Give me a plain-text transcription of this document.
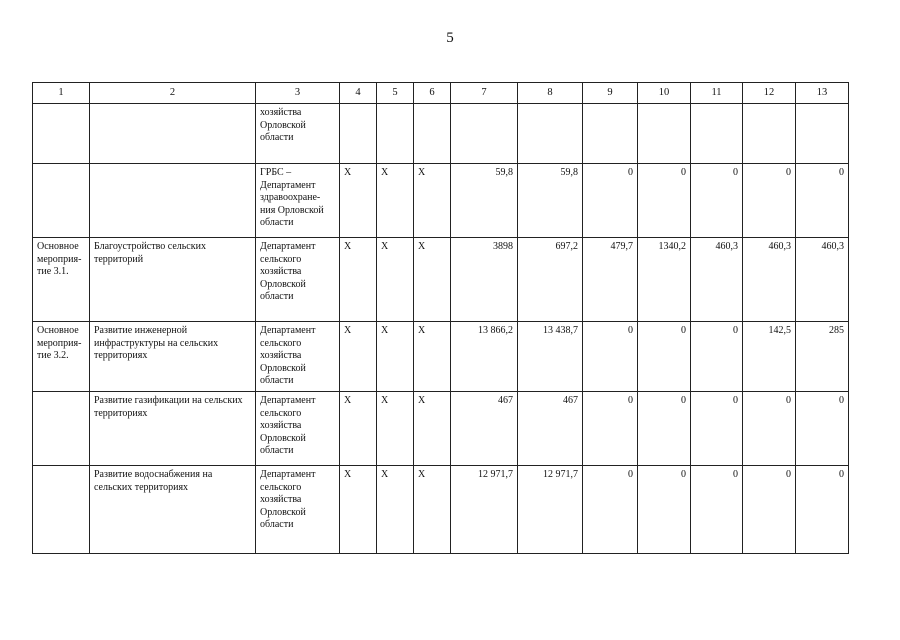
5
1	2	3	4	5	6	7	8	9	10	11	12	13
		хозяйства
Орловской
области										
		ГРБС –
Департамент
здравоохране-
ния Орловской
области	Х	Х	Х	59,8	59,8	0	0	0	0	0
Основное
мероприя-
тие 3.1.	Благоустройство сельских
территорий	Департамент
сельского
хозяйства
Орловской
области	Х	Х	Х	3898	697,2	479,7	1340,2	460,3	460,3	460,3
Основное
мероприя-
тие 3.2.	Развитие инженерной
инфраструктуры на сельских
территориях	Департамент
сельского
хозяйства
Орловской
области	Х	Х	Х	13 866,2	13 438,7	0	0	0	142,5	285
	Развитие газификации на сельских
территориях	Департамент
сельского
хозяйства
Орловской
области	Х	Х	Х	467	467	0	0	0	0	0
	Развитие водоснабжения на
сельских территориях	Департамент
сельского
хозяйства
Орловской
области	Х	Х	Х	12 971,7	12 971,7	0	0	0	0	0
